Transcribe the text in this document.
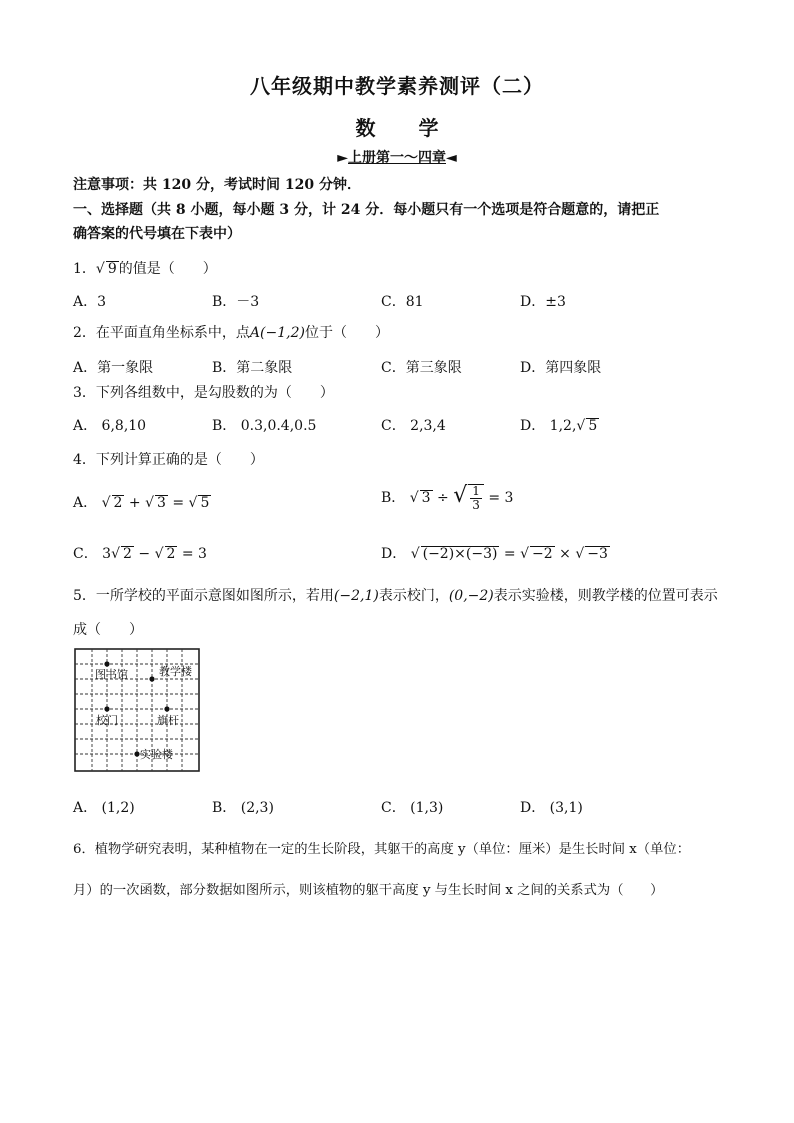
八年级期中教学素养测评（二）
数 学
►上册第一～四章◄
注意事项：共 120 分，考试时间 120 分钟．
一、选择题（共 8 小题，每小题 3 分，计 24 分．每小题只有一个选项是符合题意的，请把正
确答案的代号填在下表中）
1．√ 9 的值是（　　）
A．3	B．－3	C．81	D．±3
2．在平面直角坐标系中，点A(−1,2)位于（　　）
A．第一象限	B．第二象限	C．第三象限	D．第四象限
3．下列各组数中，是勾股数的为（　　）
A． 6,8,10	B． 0.3,0.4,0.5	C． 2,3,4	D． 1,2,√ 5
4．下列计算正确的是（　　）
A． √ 2 + √ 3 = √ 5	B． √ 3 ÷ √ $\frac{1}{3} = 3$
C． 3√ 2 − √ 2 = 3	D． √ (−2)×(−3) = √ −2 × √ −3
5．一所学校的平面示意图如图所示，若用(−2,1)表示校门，(0,−2)表示实验楼，则教学楼的位置可表示
成（　　）
图书馆	教学楼
校门	旗杆
实验楼
A． (1,2)	B． (2,3)	C． (1,3)	D． (3,1)
6．植物学研究表明，某种植物在一定的生长阶段，其躯干的高度 y（单位：厘米）是生长时间 x（单位：
月）的一次函数，部分数据如图所示，则该植物的躯干高度 y 与生长时间 x 之间的关系式为（　　）
